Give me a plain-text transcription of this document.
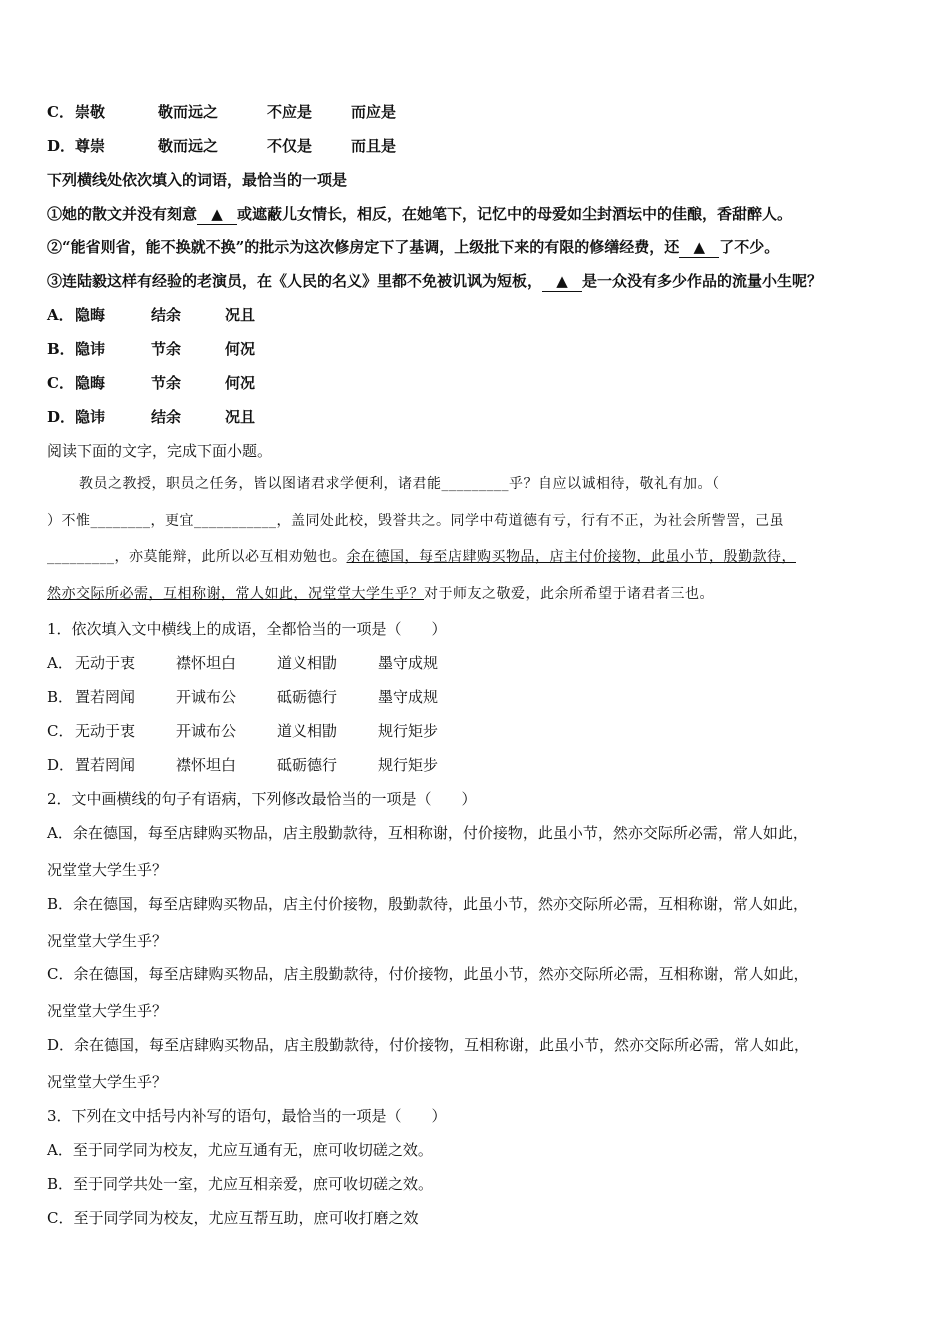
C．崇敬	敬而远之	不应是	而应是
D．尊崇	敬而远之	不仅是	而且是
下列横线处依次填入的词语，最恰当的一项是
①她的散文并没有刻意 ▲ 或遮蔽儿女情长，相反，在她笔下，记忆中的母爱如尘封酒坛中的佳酿，香甜醉人。
②“能省则省，能不换就不换”的批示为这次修房定下了基调，上级批下来的有限的修缮经费，还 ▲ 了不少。
③连陆毅这样有经验的老演员，在《人民的名义》里都不免被讥讽为短板， ▲ 是一众没有多少作品的流量小生呢？
A．隐晦	结余	况且
B．隐讳	节余	何况
C．隐晦	节余	何况
D．隐讳	结余	况且
阅读下面的文字，完成下面小题。
教员之教授，职员之任务，皆以图诸君求学便利，诸君能_________乎？自应以诚相待，敬礼有加。（
）不惟________，更宜___________，盖同处此校，毁誉共之。同学中苟道德有亏，行有不正，为社会所訾詈，己虽
_________，亦莫能辩，此所以必互相劝勉也。余在德国，每至店肆购买物品，店主付价接物，此虽小节，殷勤款待，
然亦交际所必需，互相称谢，常人如此，况堂堂大学生乎？对于师友之敬爱，此余所希望于诸君者三也。
1．依次填入文中横线上的成语，全都恰当的一项是（　　）
A． 无动于衷	襟怀坦白	道义相勖	墨守成规
B． 置若罔闻	开诚布公	砥砺德行	墨守成规
C． 无动于衷	开诚布公	道义相勖	规行矩步
D．置若罔闻	襟怀坦白	砥砺德行	规行矩步
2．文中画横线的句子有语病，下列修改最恰当的一项是（　　）
A．余在德国，每至店肆购买物品，店主殷勤款待，互相称谢，付价接物，此虽小节，然亦交际所必需，常人如此，
况堂堂大学生乎？
B．余在德国，每至店肆购买物品，店主付价接物，殷勤款待，此虽小节，然亦交际所必需，互相称谢，常人如此，
况堂堂大学生乎？
C．余在德国，每至店肆购买物品，店主殷勤款待，付价接物，此虽小节，然亦交际所必需，互相称谢，常人如此，
况堂堂大学生乎？
D．余在德国，每至店肆购买物品，店主殷勤款待，付价接物，互相称谢，此虽小节，然亦交际所必需，常人如此，
况堂堂大学生乎？
3．下列在文中括号内补写的语句，最恰当的一项是（　　）
A．至于同学同为校友，尤应互通有无，庶可收切磋之效。
B．至于同学共处一室，尤应互相亲爱，庶可收切磋之效。
C．至于同学同为校友，尤应互帮互助，庶可收打磨之效
